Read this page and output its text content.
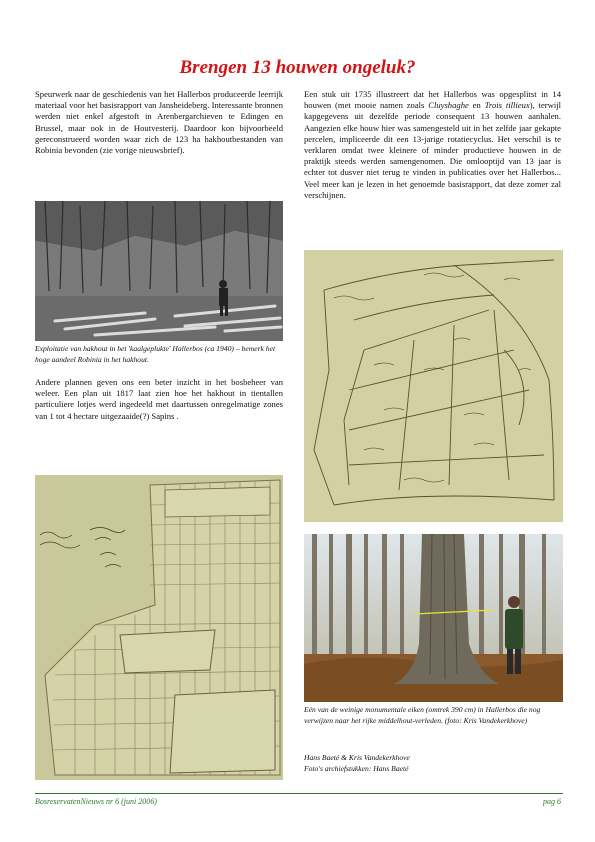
Brengen 13 houwen ongeluk?

Speurwerk naar de geschiedenis van het Hallerbos produceerde leerrijk materiaal voor het basisrapport van Jansheideberg. Interessante bronnen werden niet enkel afgestoft in Arenbergarchieven te Edingen en Brussel, maar ook in de Houtvesterij. Daardoor kon bijvoorbeeld gereconstrueerd worden waar zich de 123 ha hakhoutbestanden van Robinia bevonden (zie vorige nieuwsbrief).

Exploitatie van hakhout in het 'kaalgeplukte' Hallerbos (ca 1940) – bemerk het hoge aandeel Robinia in het hakhout.

Andere plannen geven ons een beter inzicht in het bosbeheer van weleer. Een plan uit 1817 laat zien hoe het hakhout in tientallen particuliere lotjes werd ingedeeld met daartussen onregelmatige zones van 1 tot 4 hectare uitgezaaide(?) Sapins .

Een stuk uit 1735 illustreert dat het Hallerbos was opgesplitst in 14 houwen (met mooie namen zoals Cluyshaghe en Trois tillieux), terwijl kapgegevens uit dezelfde periode consequent 13 houwen aanhalen. Aangezien elke houw hier was samengesteld uit in het zelfde jaar gekapte percelen, impliceerde dit een 13-jarige rotatiecyclus. Het verschil is te verklaren omdat twee kleinere of minder productieve houwen in de praktijk steeds werden samengenomen. Die omlooptijd van 13 jaar is echter tot dusver niet terug te vinden in publicaties over het Hallerbos... Veel meer kan je lezen in het genoemde basisrapport, dat deze zomer zal verschijnen.

Eén van de weinige monumentale eiken (omtrek 390 cm) in Hallerbos die nog verwijzen naar het rijke middelhout-verleden. (foto: Kris Vandekerkhove)

Hans Baeté & Kris Vandekerkhove

Foto's archiefstukken: Hans Baeté

BosreservatenNieuws nr 6 (juni 2006)	pag 6
